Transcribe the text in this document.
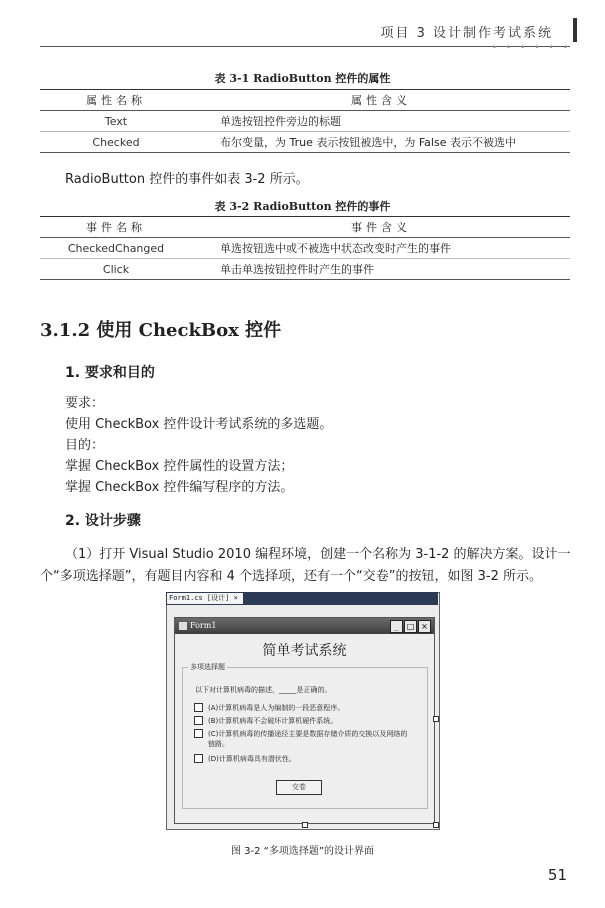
项目 3 设计制作考试系统
• • • • • •
表 3-1 RadioButton 控件的属性
属性名称	属性含义
Text	单选按钮控件旁边的标题
Checked	布尔变量，为 True 表示按钮被选中，为 False 表示不被选中
RadioButton 控件的事件如表 3-2 所示。
表 3-2 RadioButton 控件的事件
事件名称	事件含义
CheckedChanged	单选按钮选中或不被选中状态改变时产生的事件
Click	单击单选按钮控件时产生的事件
3.1.2 使用 CheckBox 控件
1. 要求和目的
要求：
使用 CheckBox 控件设计考试系统的多选题。
目的：
掌握 CheckBox 控件属性的设置方法；
掌握 CheckBox 控件编写程序的方法。
2. 设计步骤
（1）打开 Visual Studio 2010 编程环境，创建一个名称为 3-1-2 的解决方案。设计一
个“多项选择题”，有题目内容和 4 个选择项，还有一个“交卷”的按钮，如图 3-2 所示。
Form1.cs [设计] ×
Form1	_	□ ×
简单考试系统
多项选择题
以下对计算机病毒的描述，_____是正确的。
(A)计算机病毒是人为编制的一段恶意程序。
(B)计算机病毒不会破坏计算机硬件系统。
(C)计算机病毒的传播途径主要是数据存储介质的交换以及网络的链路。
(D)计算机病毒具有潜伏性。
交卷
图 3-2 “多项选择题”的设计界面
51
